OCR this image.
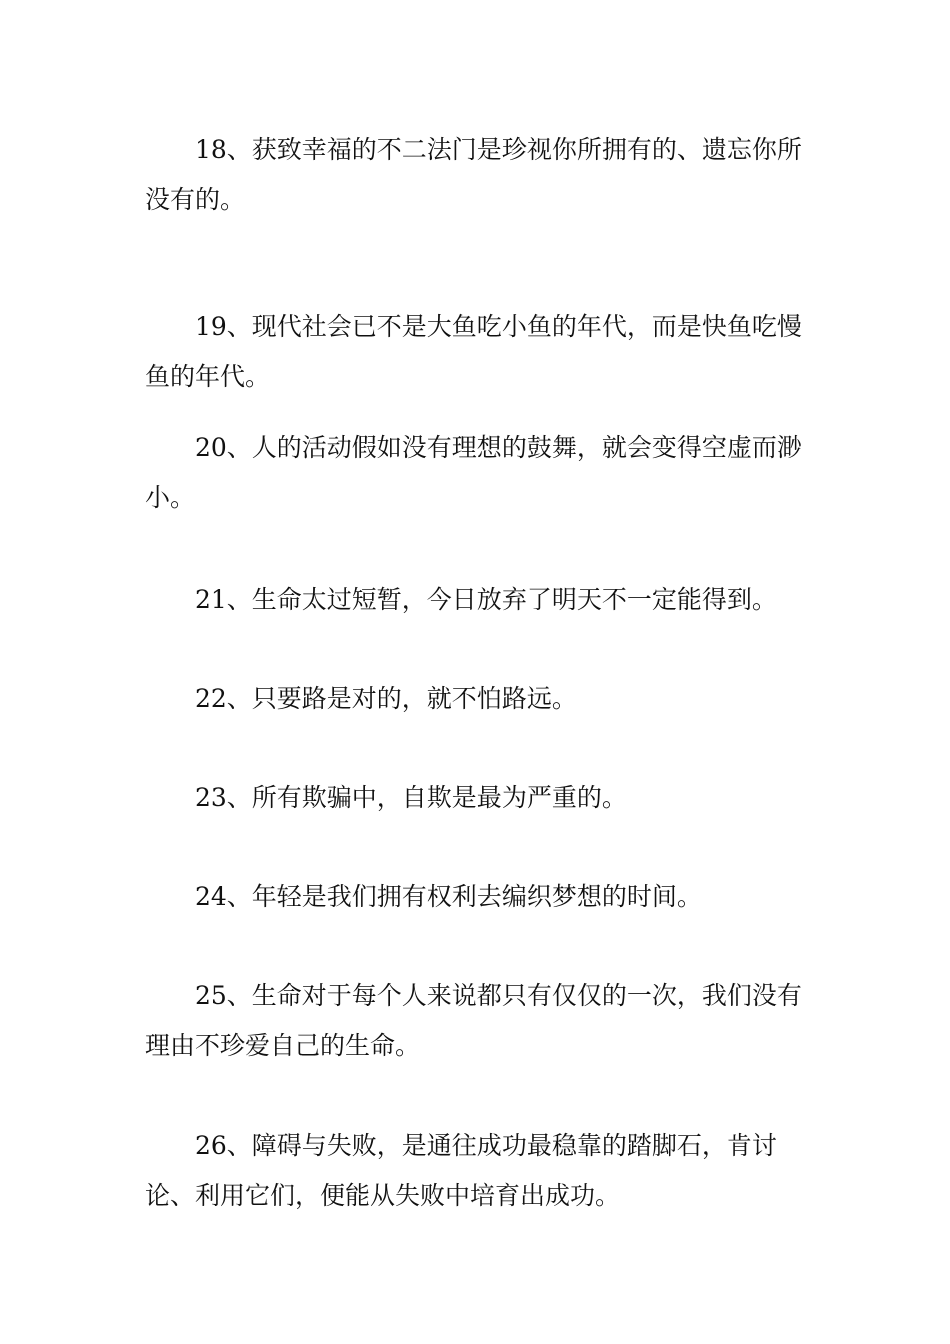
18、获致幸福的不二法门是珍视你所拥有的、遗忘你所没有的。

19、现代社会已不是大鱼吃小鱼的年代，而是快鱼吃慢鱼的年代。

20、人的活动假如没有理想的鼓舞，就会变得空虚而渺小。

21、生命太过短暂，今日放弃了明天不一定能得到。

22、只要路是对的，就不怕路远。

23、所有欺骗中，自欺是最为严重的。

24、年轻是我们拥有权利去编织梦想的时间。

25、生命对于每个人来说都只有仅仅的一次，我们没有理由不珍爱自己的生命。

26、障碍与失败，是通往成功最稳靠的踏脚石，肯讨论、利用它们，便能从失败中培育出成功。
